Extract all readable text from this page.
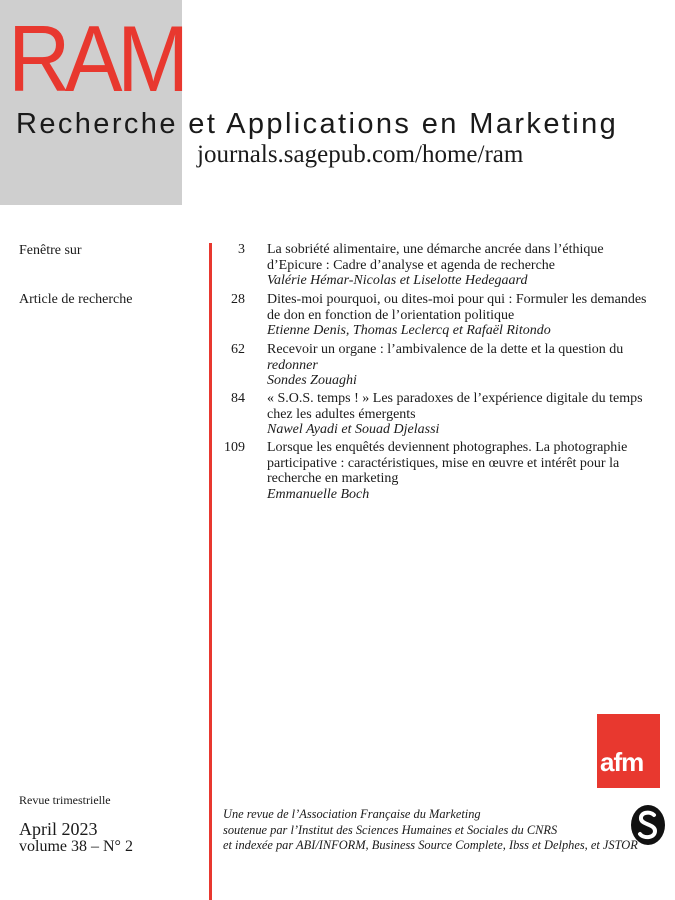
RAM
Recherche et Applications en Marketing
journals.sagepub.com/home/ram
Fenêtre sur
Article de recherche
3 La sobriété alimentaire, une démarche ancrée dans l’éthique d’Epicure : Cadre d’analyse et agenda de recherche
Valérie Hémar-Nicolas et Liselotte Hedegaard
28 Dites-moi pourquoi, ou dites-moi pour qui : Formuler les demandes de don en fonction de l’orientation politique
Etienne Denis, Thomas Leclercq et Rafaël Ritondo
62 Recevoir un organe : l’ambivalence de la dette et la question du redonner
Sondes Zouaghi
84 « S.O.S. temps ! » Les paradoxes de l’expérience digitale du temps chez les adultes émergents
Nawel Ayadi et Souad Djelassi
109 Lorsque les enquêtés deviennent photographes. La photographie participative : caractéristiques, mise en œuvre et intérêt pour la recherche en marketing
Emmanuelle Boch
afm
Revue trimestrielle
April 2023
volume 38 – N° 2
Une revue de l’Association Française du Marketing
soutenue par l’Institut des Sciences Humaines et Sociales du CNRS
et indexée par ABI/INFORM, Business Source Complete, Ibss et Delphes, et JSTOR
